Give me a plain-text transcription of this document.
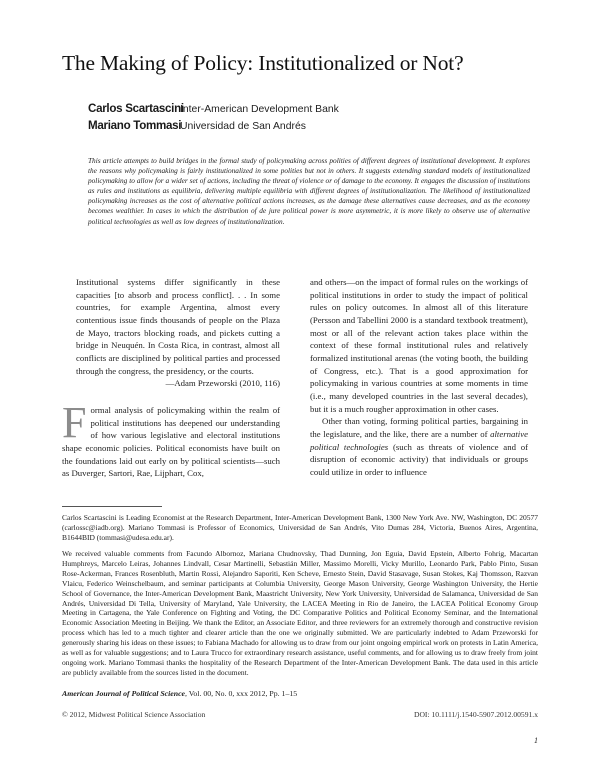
The Making of Policy: Institutionalized or Not?
Carlos Scartascini Inter-American Development Bank
Mariano Tommasi Universidad de San Andrés
This article attempts to build bridges in the formal study of policymaking across polities of different degrees of institutional development. It explores the reasons why policymaking is fairly institutionalized in some polities but not in others. It suggests extending standard models of institutionalized policymaking to allow for a wider set of actions, including the threat of violence or of damage to the economy. It engages the discussion of institutions as rules and institutions as equilibria, delivering multiple equilibria with different degrees of institutionalization. The likelihood of institutionalized policymaking increases as the cost of alternative political actions increases, as the damage these alternatives cause decreases, and as the economy becomes wealthier. In cases in which the distribution of de jure political power is more asymmetric, it is more likely to observe use of alternative political technologies as well as low degrees of institutionalization.
Institutional systems differ significantly in these capacities [to absorb and process conflict]. . . In some countries, for example Argentina, almost every contentious issue finds thousands of people on the Plaza de Mayo, tractors blocking roads, and pickets cutting a bridge in Neuquén. In Costa Rica, in contrast, almost all conflicts are disciplined by political parties and processed through the congress, the presidency, or the courts.
—Adam Przeworski (2010, 116)
Formal analysis of policymaking within the realm of political institutions has deepened our understanding of how various legislative and electoral institutions shape economic policies. Political economists have built on the foundations laid out early on by political scientists—such as Duverger, Sartori, Rae, Lijphart, Cox,
and others—on the impact of formal rules on the workings of political institutions in order to study the impact of political rules on policy outcomes. In almost all of this literature (Persson and Tabellini 2000 is a standard textbook treatment), most or all of the relevant action takes place within the context of these formal institutional rules and relatively formalized institutional arenas (the voting booth, the building of Congress, etc.). That is a good approximation for policymaking in various countries at some moments in time (i.e., many developed countries in the last several decades), but it is a much rougher approximation in other cases.
Other than voting, forming political parties, bargaining in the legislature, and the like, there are a number of alternative political technologies (such as threats of violence and of disruption of economic activity) that individuals or groups could utilize in order to influence
Carlos Scartascini is Leading Economist at the Research Department, Inter-American Development Bank, 1300 New York Ave. NW, Washington, DC 20577 (carlossc@iadb.org). Mariano Tommasi is Professor of Economics, Universidad de San Andrés, Vito Dumas 284, Victoria, Buenos Aires, Argentina, B1644BID (tommasi@udesa.edu.ar).
We received valuable comments from Facundo Albornoz, Mariana Chudnovsky, Thad Dunning, Jon Eguia, David Epstein, Alberto Fohrig, Macartan Humphreys, Marcelo Leiras, Johannes Lindvall, Cesar Martinelli, Sebastián Miller, Massimo Morelli, Vicky Murillo, Leonardo Park, Pablo Pinto, Susan Rose-Ackerman, Frances Rosenbluth, Martin Rossi, Alejandro Saporiti, Ken Scheve, Ernesto Stein, David Stasavage, Susan Stokes, Kaj Thomsson, Razvan Vlaicu, Federico Weinschelbaum, and seminar participants at Columbia University, George Mason University, George Washington University, the Hertie School of Governance, the Inter-American Development Bank, Maastricht University, New York University, Universidad de Salamanca, Universidad de San Andrés, Universidad Di Tella, University of Maryland, Yale University, the LACEA Meeting in Rio de Janeiro, the LACEA Political Economy Group Meeting in Cartagena, the Yale Conference on Fighting and Voting, the DC Comparative Politics and Political Economy Seminar, and the International Economic Association Meeting in Beijing. We thank the Editor, an Associate Editor, and three reviewers for an extremely thorough and constructive revision process which has led to a much tighter and clearer article than the one we originally submitted. We are particularly indebted to Adam Przeworski for generously sharing his ideas on these issues; to Fabiana Machado for allowing us to draw from our joint ongoing empirical work on protests in Latin America, as well as for valuable suggestions; and to Laura Trucco for extraordinary research assistance, useful comments, and for allowing us to draw freely from joint ongoing work. Mariano Tommasi thanks the hospitality of the Research Department of the Inter-American Development Bank. The data used in this article are publicly available from the sources listed in the document.
American Journal of Political Science, Vol. 00, No. 0, xxx 2012, Pp. 1–15
© 2012, Midwest Political Science Association	DOI: 10.1111/j.1540-5907.2012.00591.x
1
